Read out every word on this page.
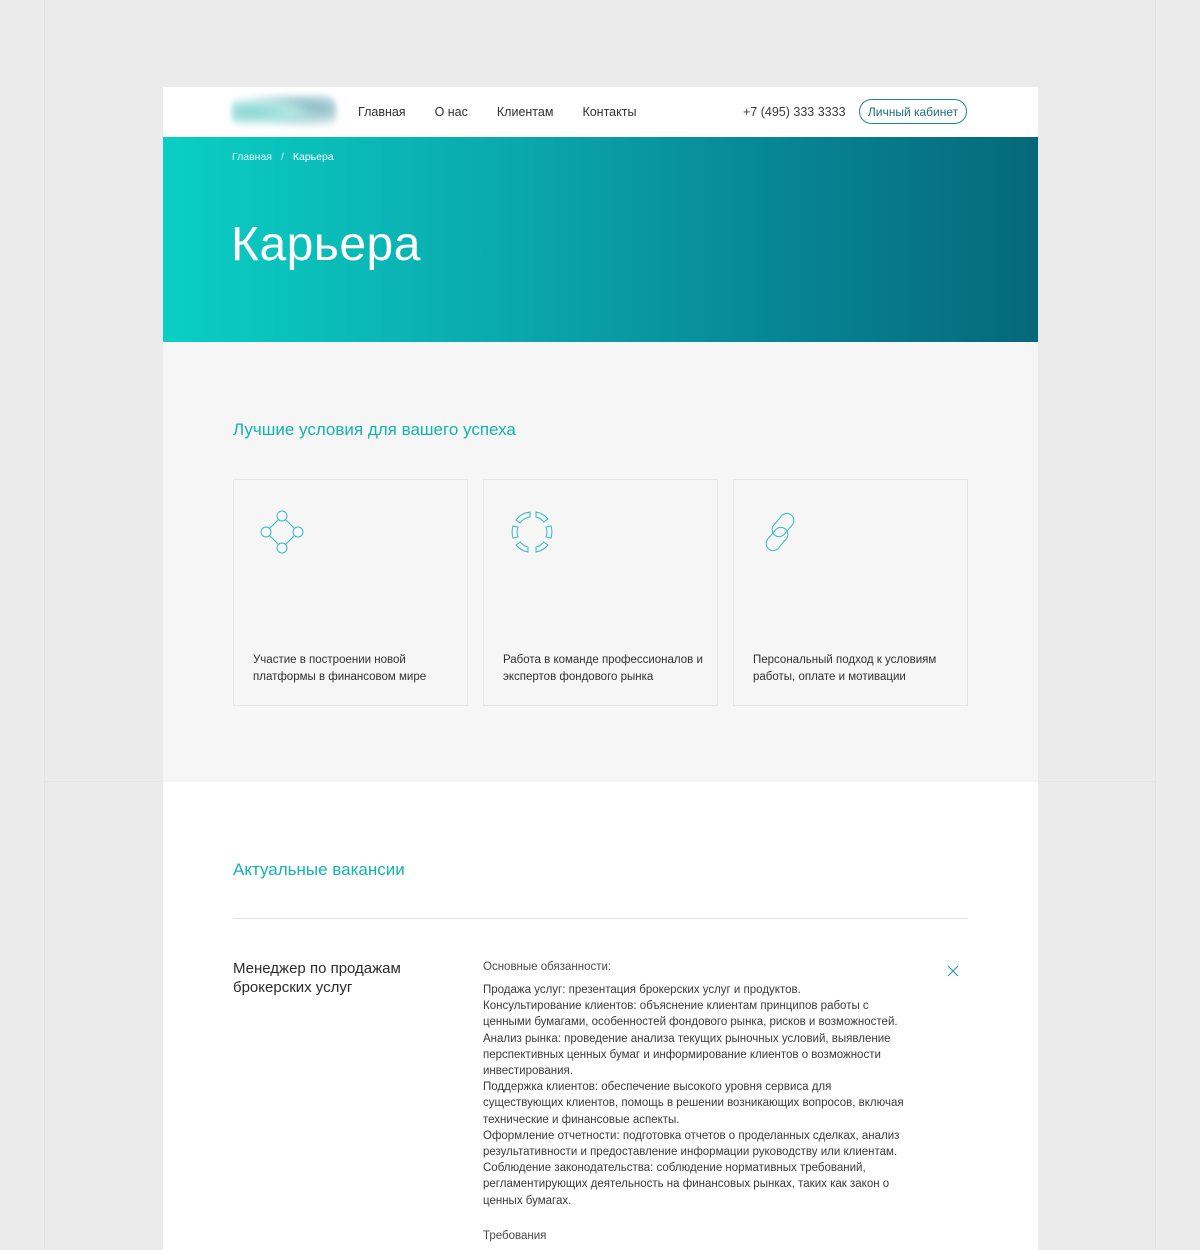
Главная О нас Клиентам Контакты	+7 (495) 333 3333	Личный кабинет
Главная / Карьера
Карьера
Лучшие условия для вашего успеха
Участие в построении новой платформы в финансовом мире
Работа в команде профессионалов и экспертов фондового рынка
Персональный подход к условиям работы, оплате и мотивации
Актуальные вакансии
Менеджер по продажам брокерских услуг
Основные обязанности:
Продажа услуг: презентация брокерских услуг и продуктов.
Консультирование клиентов: объяснение клиентам принципов работы с
ценными бумагами, особенностей фондового рынка, рисков и возможностей.
Анализ рынка: проведение анализа текущих рыночных условий, выявление
перспективных ценных бумаг и информирование клиентов о возможности
инвестирования.
Поддержка клиентов: обеспечение высокого уровня сервиса для
существующих клиентов, помощь в решении возникающих вопросов, включая
технические и финансовые аспекты.
Оформление отчетности: подготовка отчетов о проделанных сделках, анализ
результативности и предоставление информации руководству или клиентам.
Соблюдение законодательства: соблюдение нормативных требований,
регламентирующих деятельность на финансовых рынках, таких как закон о
ценных бумагах.
Требования
